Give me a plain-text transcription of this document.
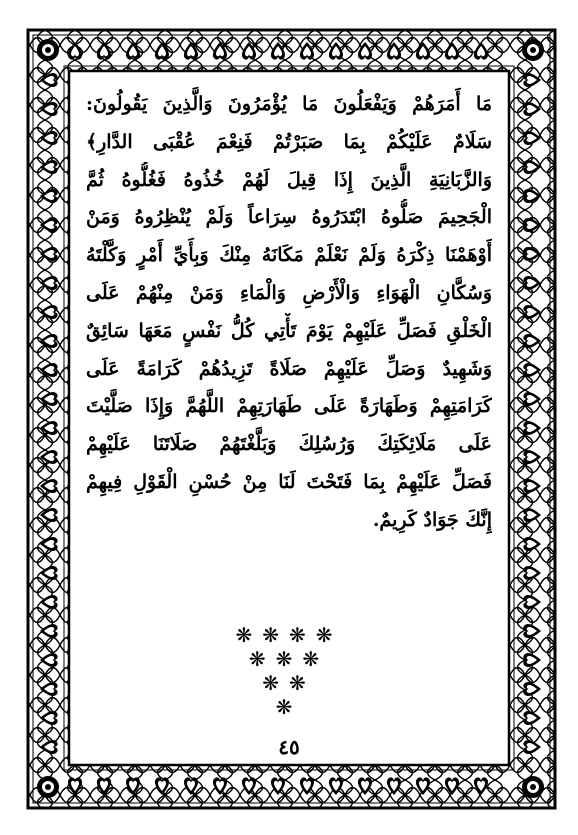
مَا أَمَرَهُمْ وَيَفْعَلُونَ مَا يُؤْمَرُونَ وَالَّذِينَ يَقُولُونَ:
سَلَامٌ عَلَيْكُمْ بِمَا صَبَرْتُمْ فَنِعْمَ عُقْبَى الدَّارِ﴾
وَالزَّبَانِيَةِ الَّذِينَ إِذَا قِيلَ لَهُمْ خُذُوهُ فَغُلُّوهُ ثُمَّ
الْجَحِيمَ صَلُّوهُ ابْتَدَرُوهُ سِرَاعاً وَلَمْ يُنْظِرُوهُ وَمَنْ
أَوْهَمْنَا ذِكْرَهُ وَلَمْ نَعْلَمْ مَكَانَهُ مِنْكَ وَبِأَيِّ أَمْرٍ وَكَّلْتَهُ
وَسُكَّانِ الْهَوَاءِ وَالْأَرْضِ وَالْمَاءِ وَمَنْ مِنْهُمْ عَلَى
الْخَلْقِ فَصَلِّ عَلَيْهِمْ يَوْمَ تَأْتِي كُلُّ نَفْسٍ مَعَهَا سَائِقٌ
وَشَهِيدٌ وَصَلِّ عَلَيْهِمْ صَلَاةً تَزِيدُهُمْ كَرَامَةً عَلَى
كَرَامَتِهِمْ وَطَهَارَةً عَلَى طَهَارَتِهِمْ اللَّهُمَّ وَإِذَا صَلَّيْتَ
عَلَى مَلَائِكَتِكَ وَرُسُلِكَ وَبَلَّغْتَهُمْ صَلَاتَنَا عَلَيْهِمْ
فَصَلِّ عَلَيْهِمْ بِمَا فَتَحْتَ لَنَا مِنْ حُسْنِ الْقَوْلِ فِيهِمْ
إِنَّكَ جَوَادٌ كَرِيمٌ.
❋❋❋❋
❋❋❋
❋❋
❋
٤٥
